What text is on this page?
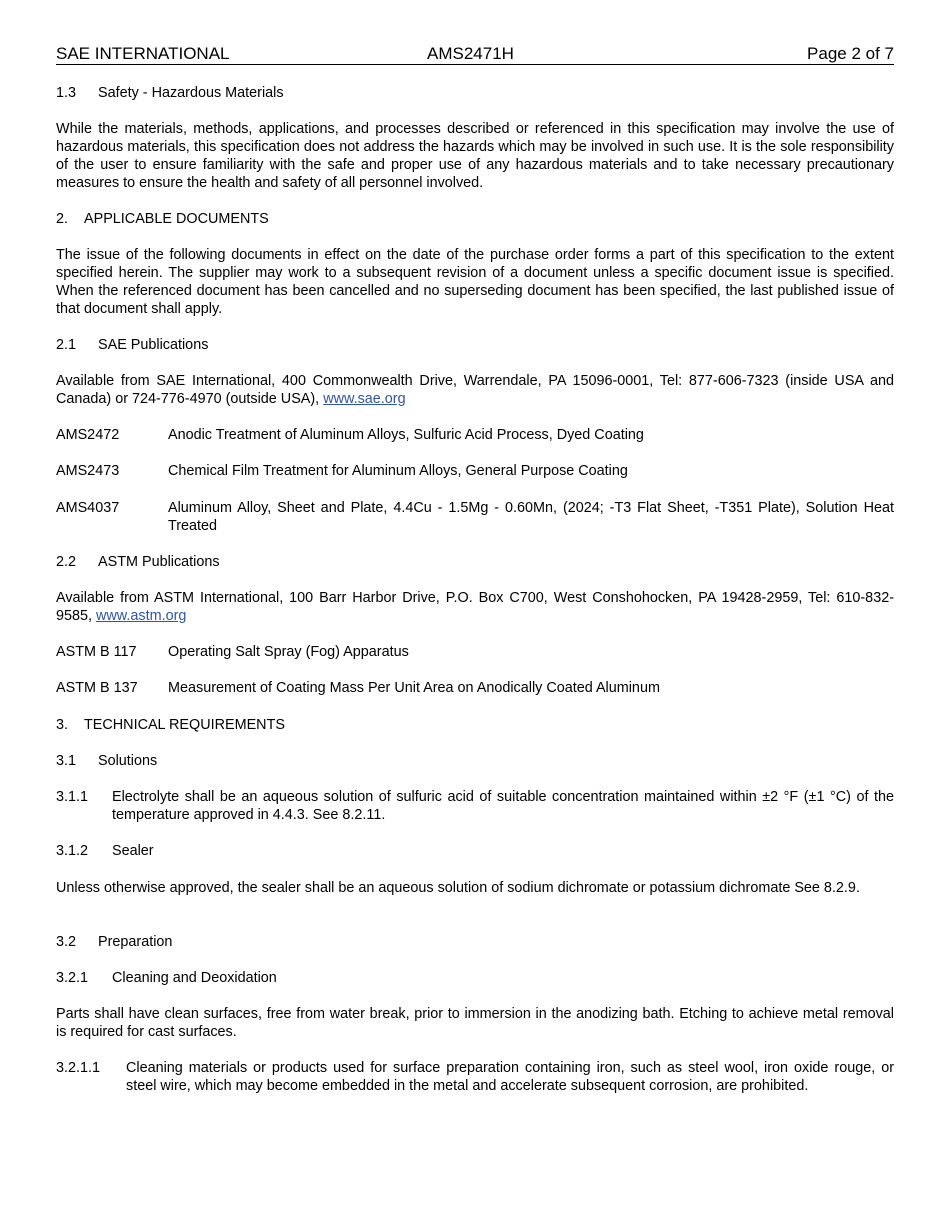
SAE INTERNATIONAL	AMS2471H	Page 2 of 7
1.3 Safety - Hazardous Materials

While the materials, methods, applications, and processes described or referenced in this specification may involve the use of hazardous materials, this specification does not address the hazards which may be involved in such use. It is the sole responsibility of the user to ensure familiarity with the safe and proper use of any hazardous materials and to take necessary precautionary measures to ensure the health and safety of all personnel involved.

2. APPLICABLE DOCUMENTS

The issue of the following documents in effect on the date of the purchase order forms a part of this specification to the extent specified herein. The supplier may work to a subsequent revision of a document unless a specific document issue is specified. When the referenced document has been cancelled and no superseding document has been specified, the last published issue of that document shall apply.

2.1 SAE Publications

Available from SAE International, 400 Commonwealth Drive, Warrendale, PA 15096-0001, Tel: 877-606-7323 (inside USA and Canada) or 724-776-4970 (outside USA), www.sae.org

AMS2472	Anodic Treatment of Aluminum Alloys, Sulfuric Acid Process, Dyed Coating
AMS2473	Chemical Film Treatment for Aluminum Alloys, General Purpose Coating
AMS4037	Aluminum Alloy, Sheet and Plate, 4.4Cu - 1.5Mg - 0.60Mn, (2024; -T3 Flat Sheet, -T351 Plate), Solution Heat Treated
2.2 ASTM Publications

Available from ASTM International, 100 Barr Harbor Drive, P.O. Box C700, West Conshohocken, PA 19428-2959, Tel: 610-832-9585, www.astm.org

ASTM B 117 Operating Salt Spray (Fog) Apparatus
ASTM B 137 Measurement of Coating Mass Per Unit Area on Anodically Coated Aluminum
3. TECHNICAL REQUIREMENTS
3.1 Solutions
3.1.1 Electrolyte shall be an aqueous solution of sulfuric acid of suitable concentration maintained within ±2 °F (±1 °C) of the temperature approved in 4.4.3. See 8.2.11.
3.1.2 Sealer

Unless otherwise approved, the sealer shall be an aqueous solution of sodium dichromate or potassium dichromate See 8.2.9.

3.2 Preparation
3.2.1 Cleaning and Deoxidation

Parts shall have clean surfaces, free from water break, prior to immersion in the anodizing bath. Etching to achieve metal removal is required for cast surfaces.

3.2.1.1 Cleaning materials or products used for surface preparation containing iron, such as steel wool, iron oxide rouge, or steel wire, which may become embedded in the metal and accelerate subsequent corrosion, are prohibited.
